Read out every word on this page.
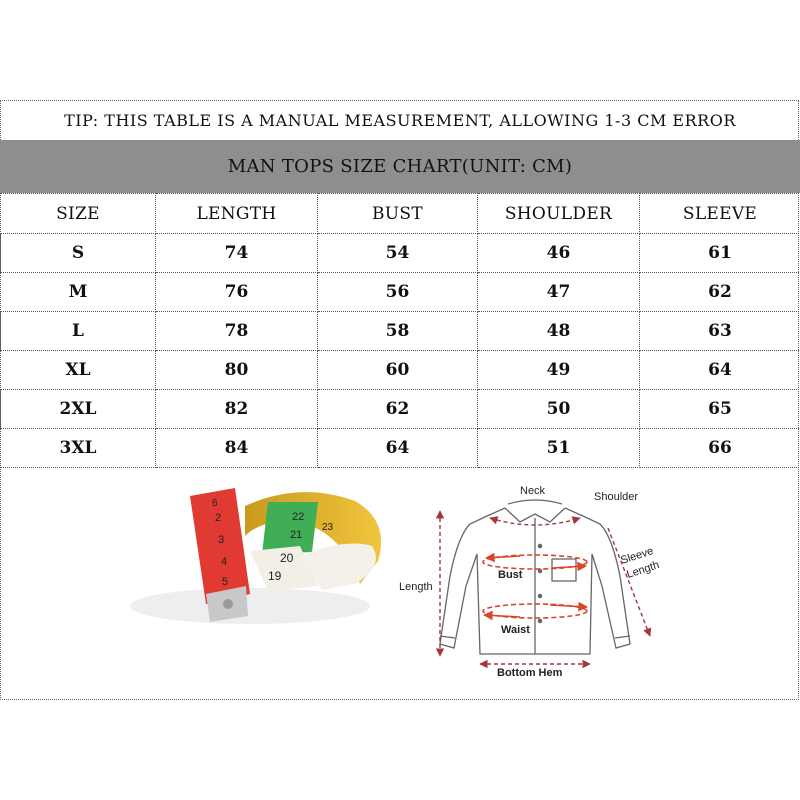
TIP: THIS TABLE IS A MANUAL MEASUREMENT, ALLOWING 1-3 CM ERROR
MAN TOPS SIZE CHART(UNIT: CM)
SIZE	LENGTH	BUST	SHOULDER	SLEEVE
S	74	54	46	61
M	76	56	47	62
L	78	58	48	63
XL	80	60	49	64
2XL	82	62	50	65
3XL	84	64	51	66
2
3
4
5
6
19
20
21
22
23
Neck	Shoulder
Sleeve
Length
Length
Bust
Waist
Bottom Hem
